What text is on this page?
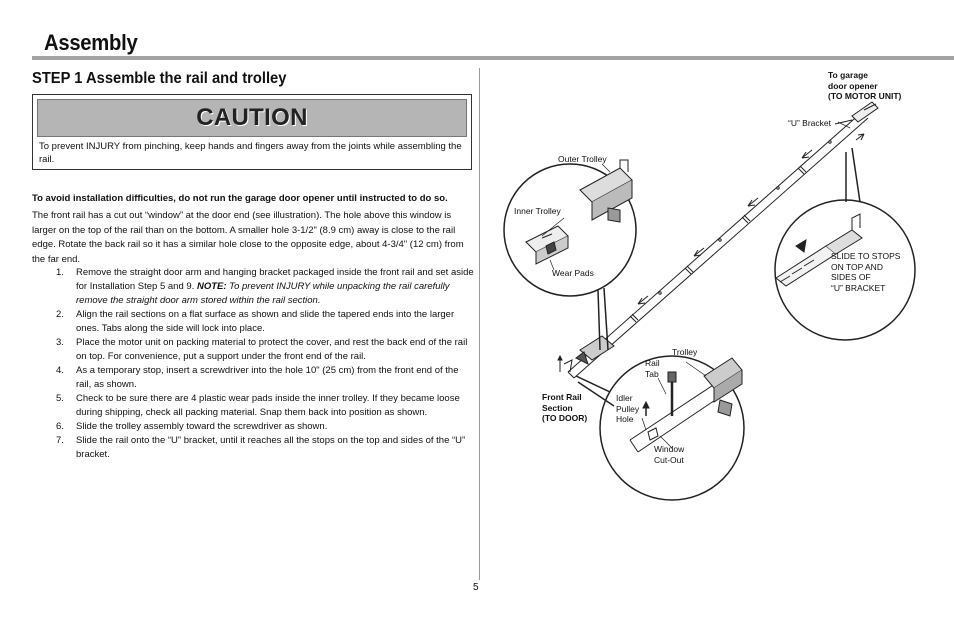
Assembly
STEP 1 Assemble the rail and trolley
CAUTION
To prevent INJURY from pinching, keep hands and fingers away from the joints while assembling the rail.
To avoid installation difficulties, do not run the garage door opener until instructed to do so.
The front rail has a cut out “window” at the door end (see illustration). The hole above this window is larger on the top of the rail than on the bottom. A smaller hole 3-1/2" (8.9 cm) away is close to the rail edge. Rotate the back rail so it has a similar hole close to the opposite edge, about 4-3/4" (12 cm) from the far end.
1.	Remove the straight door arm and hanging bracket packaged inside the front rail and set aside for Installation Step 5 and 9. NOTE: To prevent INJURY while unpacking the rail carefully remove the straight door arm stored within the rail section.
2.	Align the rail sections on a flat surface as shown and slide the tapered ends into the larger ones. Tabs along the side will lock into place.
3.	Place the motor unit on packing material to protect the cover, and rest the back end of the rail on top. For convenience, put a support under the front end of the rail.
4.	As a temporary stop, insert a screwdriver into the hole 10" (25 cm) from the front end of the rail, as shown.
5.	Check to be sure there are 4 plastic wear pads inside the inner trolley. If they became loose during shipping, check all packing material. Snap them back into position as shown.
6.	Slide the trolley assembly toward the screwdriver as shown.
7.	Slide the rail onto the “U” bracket, until it reaches all the stops on the top and sides of the “U” bracket.
5
To garage
door opener
(TO MOTOR UNIT)
“U” Bracket
Outer Trolley
Inner Trolley
Wear Pads
SLIDE TO STOPS
ON TOP AND
SIDES OF
“U” BRACKET
Front Rail
Section
(TO DOOR)
Rail
Tab
Trolley
Idler
Pulley
Hole
Window
Cut-Out
